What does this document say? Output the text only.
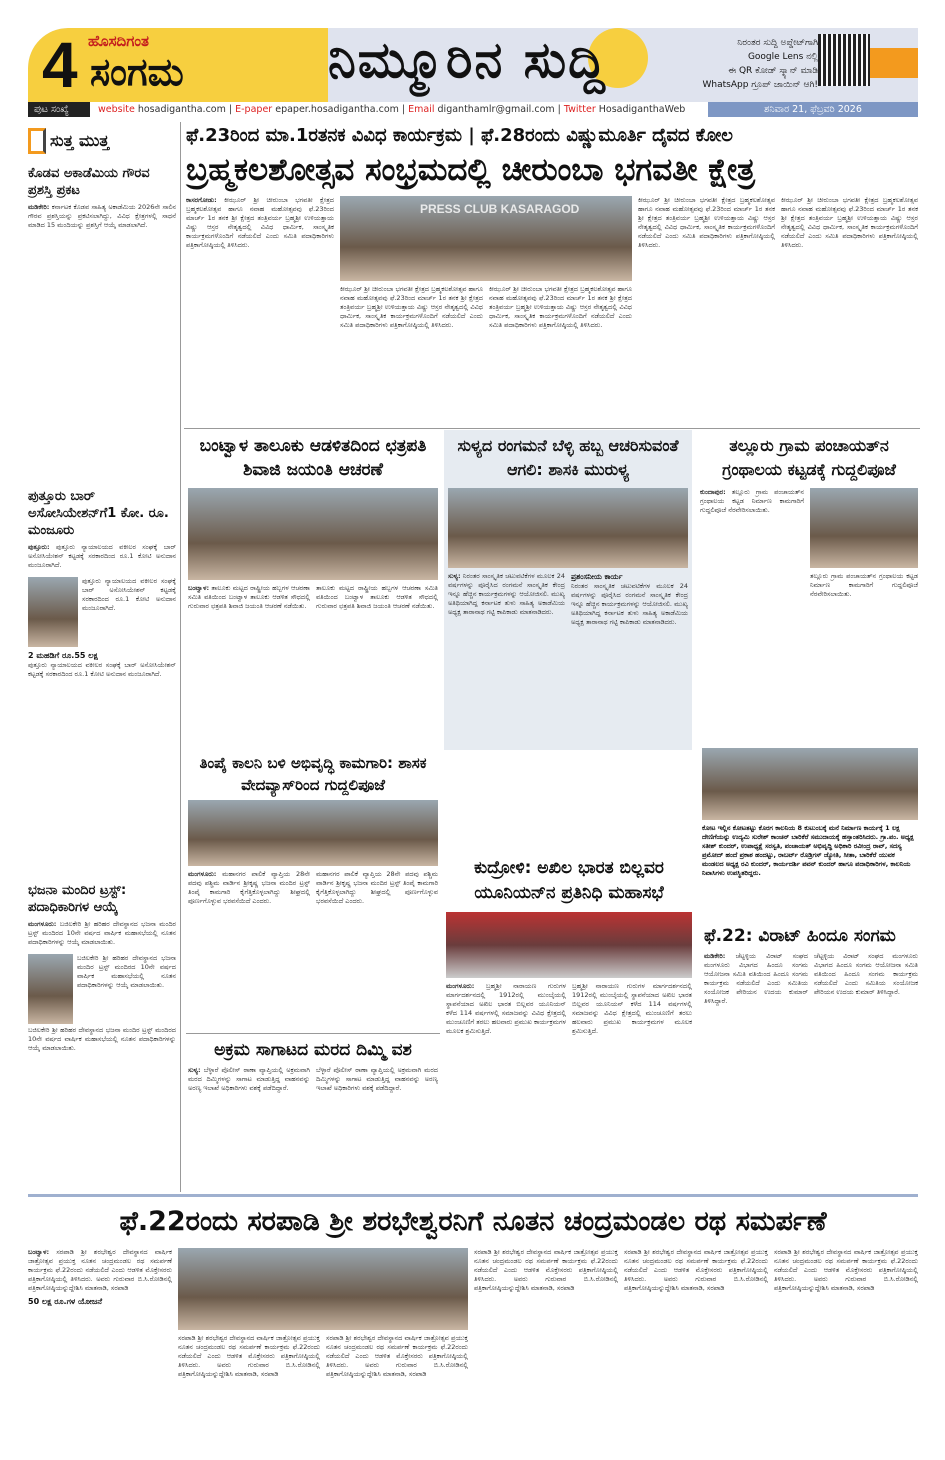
4 ಹೊಸದಿಗಂತ
ಸಂಗಮ	ನಿಮ್ಮೂರಿನ ಸುದ್ದಿ	ನಿರಂತರ ಸುದ್ದಿ ಅಪ್ಡೇಟ್‌ಗಾಗಿ
Google Lens ನಲ್ಲಿ
ಈ QR ಕೋಡ್ ಸ್ಕ್ಯಾನ್ ಮಾಡಿ
WhatsApp ಗ್ರೂಪ್ ಜಾಯಿನ್ ಆಗಿ!
ಪುಟ ಸಂಖ್ಯೆ	website hosadigantha.com | E-paper epaper.hosadigantha.com | Email diganthamlr@gmail.com | Twitter HosadiganthaWeb	ಶನಿವಾರ 21, ಫೆಬ್ರವರಿ 2026
ಸುತ್ತ ಮುತ್ತ
ಕೊಡವ ಅಕಾಡೆಮಿಯ ಗೌರವ ಪ್ರಶಸ್ತಿ ಪ್ರಕಟ
ಮಡಿಕೇರಿ: ಕರ್ನಾಟಕ ಕೊಡವ ಸಾಹಿತ್ಯ ಅಕಾಡೆಮಿಯ 2026ನೇ ಸಾಲಿನ ಗೌರವ ಪ್ರಶಸ್ತಿಯನ್ನು ಪ್ರಕಟಿಸಲಾಗಿದ್ದು, ವಿವಿಧ ಕ್ಷೇತ್ರಗಳಲ್ಲಿ ಸಾಧನೆ ಮಾಡಿದ 15 ಮಂದಿಯನ್ನು ಪ್ರಶಸ್ತಿಗೆ ಆಯ್ಕೆ ಮಾಡಲಾಗಿದೆ.
ಪುತ್ತೂರು ಬಾರ್ ಅಸೋಸಿಯೇಶನ್‌ಗೆ1 ಕೋ. ರೂ. ಮಂಜೂರು
ಪುತ್ತೂರು: ಪುತ್ತೂರು ನ್ಯಾಯಾಲಯದ ವಕೀಲರ ಸಂಘಕ್ಕೆ ಬಾರ್ ಅಸೋಸಿಯೇಶನ್ ಕಟ್ಟಡಕ್ಕೆ ಸರಕಾರದಿಂದ ರೂ.1 ಕೋಟಿ ಅನುದಾನ ಮಂಜೂರಾಗಿದೆ.
ಪುತ್ತೂರು ನ್ಯಾಯಾಲಯದ ವಕೀಲರ ಸಂಘಕ್ಕೆ ಬಾರ್ ಅಸೋಸಿಯೇಶನ್ ಕಟ್ಟಡಕ್ಕೆ ಸರಕಾರದಿಂದ ರೂ.1 ಕೋಟಿ ಅನುದಾನ ಮಂಜೂರಾಗಿದೆ.
2 ಮಹಡಿಗೆ ರೂ.55 ಲಕ್ಷ
ಪುತ್ತೂರು ನ್ಯಾಯಾಲಯದ ವಕೀಲರ ಸಂಘಕ್ಕೆ ಬಾರ್ ಅಸೋಸಿಯೇಶನ್ ಕಟ್ಟಡಕ್ಕೆ ಸರಕಾರದಿಂದ ರೂ.1 ಕೋಟಿ ಅನುದಾನ ಮಂಜೂರಾಗಿದೆ.
ಭಜನಾ ಮಂದಿರ ಟ್ರಸ್ಟ್: ಪದಾಧಿಕಾರಿಗಳ ಆಯ್ಕೆ
ಮಂಗಳೂರು: ಬಜಿಲಕೇರಿ ಶ್ರೀ ಹರಿಹರ ದೇವಸ್ಥಾನದ ಭಜನಾ ಮಂದಿರ ಟ್ರಸ್ಟ್ ಮಂದಿರದ 10ನೇ ವರ್ಷದ ವಾರ್ಷಿಕ ಮಹಾಸಭೆಯಲ್ಲಿ ನೂತನ ಪದಾಧಿಕಾರಿಗಳನ್ನು ಆಯ್ಕೆ ಮಾಡಲಾಯಿತು.
ಬಜಿಲಕೇರಿ ಶ್ರೀ ಹರಿಹರ ದೇವಸ್ಥಾನದ ಭಜನಾ ಮಂದಿರ ಟ್ರಸ್ಟ್ ಮಂದಿರದ 10ನೇ ವರ್ಷದ ವಾರ್ಷಿಕ ಮಹಾಸಭೆಯಲ್ಲಿ ನೂತನ ಪದಾಧಿಕಾರಿಗಳನ್ನು ಆಯ್ಕೆ ಮಾಡಲಾಯಿತು.
ಬಜಿಲಕೇರಿ ಶ್ರೀ ಹರಿಹರ ದೇವಸ್ಥಾನದ ಭಜನಾ ಮಂದಿರ ಟ್ರಸ್ಟ್ ಮಂದಿರದ 10ನೇ ವರ್ಷದ ವಾರ್ಷಿಕ ಮಹಾಸಭೆಯಲ್ಲಿ ನೂತನ ಪದಾಧಿಕಾರಿಗಳನ್ನು ಆಯ್ಕೆ ಮಾಡಲಾಯಿತು.
ಫೆ.23ರಿಂದ ಮಾ.1ರತನಕ ವಿವಿಧ ಕಾರ್ಯಕ್ರಮ | ಫೆ.28ರಂದು ವಿಷ್ಣುಮೂರ್ತಿ ದೈವದ ಕೋಲ
ಬ್ರಹ್ಮಕಲಶೋತ್ಸವ ಸಂಭ್ರಮದಲ್ಲಿ ಚೀರುಂಬಾ ಭಗವತೀ ಕ್ಷೇತ್ರ
ಕಾಸರಗೋಡು: ಕೀಝೂರ್ ಶ್ರೀ ಚೀರುಂಬಾ ಭಗವತೀ ಕ್ಷೇತ್ರದ ಬ್ರಹ್ಮಕಲಶೋತ್ಸವ ಹಾಗೂ ನವಾಹ ಮಹೋತ್ಸವವು ಫೆ.23ರಿಂದ ಮಾರ್ಚ್ 1ರ ತನಕ ಶ್ರೀ ಕ್ಷೇತ್ರದ ತಂತ್ರಿವರ್ಯ ಬ್ರಹ್ಮಶ್ರೀ ಉಳಿಯತ್ತಾಯ ವಿಷ್ಣು ಆಸ್ರರ ನೇತೃತ್ವದಲ್ಲಿ ವಿವಿಧ ಧಾರ್ಮಿಕ, ಸಾಂಸ್ಕೃತಿಕ ಕಾರ್ಯಕ್ರಮಗಳೊಂದಿಗೆ ನಡೆಯಲಿದೆ ಎಂದು ಸಮಿತಿ ಪದಾಧಿಕಾರಿಗಳು ಪತ್ರಿಕಾಗೋಷ್ಠಿಯಲ್ಲಿ ತಿಳಿಸಿದರು.
PRESS CLUB KASARAGOD
ಕೀಝೂರ್ ಶ್ರೀ ಚೀರುಂಬಾ ಭಗವತೀ ಕ್ಷೇತ್ರದ ಬ್ರಹ್ಮಕಲಶೋತ್ಸವ ಹಾಗೂ ನವಾಹ ಮಹೋತ್ಸವವು ಫೆ.23ರಿಂದ ಮಾರ್ಚ್ 1ರ ತನಕ ಶ್ರೀ ಕ್ಷೇತ್ರದ ತಂತ್ರಿವರ್ಯ ಬ್ರಹ್ಮಶ್ರೀ ಉಳಿಯತ್ತಾಯ ವಿಷ್ಣು ಆಸ್ರರ ನೇತೃತ್ವದಲ್ಲಿ ವಿವಿಧ ಧಾರ್ಮಿಕ, ಸಾಂಸ್ಕೃತಿಕ ಕಾರ್ಯಕ್ರಮಗಳೊಂದಿಗೆ ನಡೆಯಲಿದೆ ಎಂದು ಸಮಿತಿ ಪದಾಧಿಕಾರಿಗಳು ಪತ್ರಿಕಾಗೋಷ್ಠಿಯಲ್ಲಿ ತಿಳಿಸಿದರು.
ಕೀಝೂರ್ ಶ್ರೀ ಚೀರುಂಬಾ ಭಗವತೀ ಕ್ಷೇತ್ರದ ಬ್ರಹ್ಮಕಲಶೋತ್ಸವ ಹಾಗೂ ನವಾಹ ಮಹೋತ್ಸವವು ಫೆ.23ರಿಂದ ಮಾರ್ಚ್ 1ರ ತನಕ ಶ್ರೀ ಕ್ಷೇತ್ರದ ತಂತ್ರಿವರ್ಯ ಬ್ರಹ್ಮಶ್ರೀ ಉಳಿಯತ್ತಾಯ ವಿಷ್ಣು ಆಸ್ರರ ನೇತೃತ್ವದಲ್ಲಿ ವಿವಿಧ ಧಾರ್ಮಿಕ, ಸಾಂಸ್ಕೃತಿಕ ಕಾರ್ಯಕ್ರಮಗಳೊಂದಿಗೆ ನಡೆಯಲಿದೆ ಎಂದು ಸಮಿತಿ ಪದಾಧಿಕಾರಿಗಳು ಪತ್ರಿಕಾಗೋಷ್ಠಿಯಲ್ಲಿ ತಿಳಿಸಿದರು.
ಕೀಝೂರ್ ಶ್ರೀ ಚೀರುಂಬಾ ಭಗವತೀ ಕ್ಷೇತ್ರದ ಬ್ರಹ್ಮಕಲಶೋತ್ಸವ ಹಾಗೂ ನವಾಹ ಮಹೋತ್ಸವವು ಫೆ.23ರಿಂದ ಮಾರ್ಚ್ 1ರ ತನಕ ಶ್ರೀ ಕ್ಷೇತ್ರದ ತಂತ್ರಿವರ್ಯ ಬ್ರಹ್ಮಶ್ರೀ ಉಳಿಯತ್ತಾಯ ವಿಷ್ಣು ಆಸ್ರರ ನೇತೃತ್ವದಲ್ಲಿ ವಿವಿಧ ಧಾರ್ಮಿಕ, ಸಾಂಸ್ಕೃತಿಕ ಕಾರ್ಯಕ್ರಮಗಳೊಂದಿಗೆ ನಡೆಯಲಿದೆ ಎಂದು ಸಮಿತಿ ಪದಾಧಿಕಾರಿಗಳು ಪತ್ರಿಕಾಗೋಷ್ಠಿಯಲ್ಲಿ ತಿಳಿಸಿದರು.
ಕೀಝೂರ್ ಶ್ರೀ ಚೀರುಂಬಾ ಭಗವತೀ ಕ್ಷೇತ್ರದ ಬ್ರಹ್ಮಕಲಶೋತ್ಸವ ಹಾಗೂ ನವಾಹ ಮಹೋತ್ಸವವು ಫೆ.23ರಿಂದ ಮಾರ್ಚ್ 1ರ ತನಕ ಶ್ರೀ ಕ್ಷೇತ್ರದ ತಂತ್ರಿವರ್ಯ ಬ್ರಹ್ಮಶ್ರೀ ಉಳಿಯತ್ತಾಯ ವಿಷ್ಣು ಆಸ್ರರ ನೇತೃತ್ವದಲ್ಲಿ ವಿವಿಧ ಧಾರ್ಮಿಕ, ಸಾಂಸ್ಕೃತಿಕ ಕಾರ್ಯಕ್ರಮಗಳೊಂದಿಗೆ ನಡೆಯಲಿದೆ ಎಂದು ಸಮಿತಿ ಪದಾಧಿಕಾರಿಗಳು ಪತ್ರಿಕಾಗೋಷ್ಠಿಯಲ್ಲಿ ತಿಳಿಸಿದರು.
ಬಂಟ್ವಾಳ ತಾಲೂಕು ಆಡಳಿತದಿಂದ ಛತ್ರಪತಿ ಶಿವಾಜಿ ಜಯಂತಿ ಆಚರಣೆ
ಬಂಟ್ವಾಳ: ತಾಲೂಕು ಮಟ್ಟದ ರಾಷ್ಟ್ರೀಯ ಹಬ್ಬಗಳ ಆಚರಣಾ ಸಮಿತಿ ವತಿಯಿಂದ ಬಂಟ್ವಾಳ ತಾಲೂಕು ಆಡಳಿತ ಸೌಧದಲ್ಲಿ ಗುರುವಾರ ಛತ್ರಪತಿ ಶಿವಾಜಿ ಜಯಂತಿ ಆಚರಣೆ ನಡೆಯಿತು.
ತಾಲೂಕು ಮಟ್ಟದ ರಾಷ್ಟ್ರೀಯ ಹಬ್ಬಗಳ ಆಚರಣಾ ಸಮಿತಿ ವತಿಯಿಂದ ಬಂಟ್ವಾಳ ತಾಲೂಕು ಆಡಳಿತ ಸೌಧದಲ್ಲಿ ಗುರುವಾರ ಛತ್ರಪತಿ ಶಿವಾಜಿ ಜಯಂತಿ ಆಚರಣೆ ನಡೆಯಿತು.
ಸುಳ್ಯದ ರಂಗಮನೆ ಬೆಳ್ಳಿ ಹಬ್ಬ ಆಚರಿಸುವಂತೆ ಆಗಲಿ: ಶಾಸಕಿ ಮುರುಳ್ಯ
ಸುಳ್ಯ: ನಿರಂತರ ಸಾಂಸ್ಕೃತಿಕ ಚಟುವಟಿಕೆಗಳ ಮೂಲಕ 24 ವರ್ಷಗಳನ್ನು ಪೂರೈಸಿದ ರಂಗಮನೆ ಸಾಂಸ್ಕೃತಿಕ ಕೇಂದ್ರ ಇನ್ನೂ ಹೆಚ್ಚಿನ ಕಾರ್ಯಕ್ರಮಗಳನ್ನು ಆಯೋಜಿಸಲಿ. ಮುಖ್ಯ ಅತಿಥಿಯಾಗಿದ್ದ ಕರ್ನಾಟಕ ತುಳು ಸಾಹಿತ್ಯ ಅಕಾಡೆಮಿಯ ಅಧ್ಯಕ್ಷ ತಾರಾನಾಥ ಗಟ್ಟಿ ಕಾಪಿಕಾಡು ಮಾತನಾಡಿದರು.
ಪ್ರಶಂಸನೀಯ ಕಾರ್ಯ
ನಿರಂತರ ಸಾಂಸ್ಕೃತಿಕ ಚಟುವಟಿಕೆಗಳ ಮೂಲಕ 24 ವರ್ಷಗಳನ್ನು ಪೂರೈಸಿದ ರಂಗಮನೆ ಸಾಂಸ್ಕೃತಿಕ ಕೇಂದ್ರ ಇನ್ನೂ ಹೆಚ್ಚಿನ ಕಾರ್ಯಕ್ರಮಗಳನ್ನು ಆಯೋಜಿಸಲಿ. ಮುಖ್ಯ ಅತಿಥಿಯಾಗಿದ್ದ ಕರ್ನಾಟಕ ತುಳು ಸಾಹಿತ್ಯ ಅಕಾಡೆಮಿಯ ಅಧ್ಯಕ್ಷ ತಾರಾನಾಥ ಗಟ್ಟಿ ಕಾಪಿಕಾಡು ಮಾತನಾಡಿದರು.
ತಲ್ಲೂರು ಗ್ರಾಮ ಪಂಚಾಯತ್‌ನ ಗ್ರಂಥಾಲಯ ಕಟ್ಟಡಕ್ಕೆ ಗುದ್ದಲಿಪೂಜೆ
ಕುಂದಾಪುರ: ತಲ್ಲೂರು ಗ್ರಾಮ ಪಂಚಾಯತ್‌ನ ಗ್ರಂಥಾಲಯ ಕಟ್ಟಡ ನಿರ್ಮಾಣ ಕಾಮಗಾರಿಗೆ ಗುದ್ದಲಿಪೂಜೆ ನೆರವೇರಿಸಲಾಯಿತು.
ತಲ್ಲೂರು ಗ್ರಾಮ ಪಂಚಾಯತ್‌ನ ಗ್ರಂಥಾಲಯ ಕಟ್ಟಡ ನಿರ್ಮಾಣ ಕಾಮಗಾರಿಗೆ ಗುದ್ದಲಿಪೂಜೆ ನೆರವೇರಿಸಲಾಯಿತು.
ಕೋಟ ಇಲ್ಲಿನ ಕೋಟತಟ್ಟು ಕೊರಗ ಕಾಲನಿಯ 8 ಕುಟುಂಬಕ್ಕೆ ಮನೆ ನಿರ್ಮಾಣ ಕಾರ್ಯಕ್ಕೆ 1 ಲಕ್ಷ ದೇಣಿಗೆಯನ್ನು ಉದ್ಯಮಿ ಸುರೇಶ್ ಕಾಂಚನ್ ಬಾರಿಕೆರೆ ಸಮುದಾಯಕ್ಕೆ ಹಸ್ತಾಂತರಿಸಿದರು. ಗ್ರಾ.ಪಂ. ಅಧ್ಯಕ್ಷ ಸತೀಶ್ ಕುಂದರ್, ಉಪಾಧ್ಯಕ್ಷೆ ಸರಸ್ವತಿ, ಪಂಚಾಯತ್ ಅಭಿವೃದ್ಧಿ ಅಧಿಕಾರಿ ರವೀಂದ್ರ ರಾವ್, ಸದಸ್ಯ ಪ್ರಮೋದ್ ಹಂದೆ ಪ್ರಕಾಶ ಹಂದಟ್ಟು, ರಾಬರ್ಟ್ ರೊಡ್ರಿಗಸ್ ಜ್ಯೋತಿ, ಸೀತಾ, ಬಾರಿಕೆರೆ ಯುವಕ ಮಂಡಲದ ಅಧ್ಯಕ್ಷ ರವಿ ಕುಂದರ್, ಕಾರ್ಯದರ್ಶಿ ಪವನ್ ಕುಂದರ್ ಹಾಗೂ ಪದಾಧಿಕಾರಿಗಳ, ಕಾಲನಿಯ ನಿವಾಸಿಗಳು ಉಪಸ್ಥಿತರಿದ್ದರು.
ತಿಂಪೈ ಕಾಲನಿ ಬಳಿ ಅಭಿವೃದ್ಧಿ ಕಾಮಗಾರಿ: ಶಾಸಕ ವೇದವ್ಯಾಸ್‌ರಿಂದ ಗುದ್ದಲಿಪೂಜೆ
ಮಂಗಳೂರು: ಮಹಾನಗರ ಪಾಲಿಕೆ ವ್ಯಾಪ್ತಿಯ 28ನೇ ಪದವು ಪಶ್ಚಿಮ ವಾರ್ಡಿನ ಶ್ರೀಕೃಷ್ಣ ಭಜನಾ ಮಂದಿರ ಟ್ರಸ್ಟ್ ತಿಂಪೈ ಕಾಮಗಾರಿ ಕೈಗೆತ್ತಿಕೊಳ್ಳಲಾಗಿದ್ದು ಶೀಘ್ರದಲ್ಲಿ ಪೂರ್ಣಗೊಳ್ಳುವ ಭರವಸೆಯಿದೆ ಎಂದರು.
ಮಹಾನಗರ ಪಾಲಿಕೆ ವ್ಯಾಪ್ತಿಯ 28ನೇ ಪದವು ಪಶ್ಚಿಮ ವಾರ್ಡಿನ ಶ್ರೀಕೃಷ್ಣ ಭಜನಾ ಮಂದಿರ ಟ್ರಸ್ಟ್ ತಿಂಪೈ ಕಾಮಗಾರಿ ಕೈಗೆತ್ತಿಕೊಳ್ಳಲಾಗಿದ್ದು ಶೀಘ್ರದಲ್ಲಿ ಪೂರ್ಣಗೊಳ್ಳುವ ಭರವಸೆಯಿದೆ ಎಂದರು.
ಅಕ್ರಮ ಸಾಗಾಟದ ಮರದ ದಿಮ್ಮಿ ವಶ
ಸುಳ್ಯ: ಬೆಳ್ಳಾರೆ ಪೊಲೀಸ್ ಠಾಣಾ ವ್ಯಾಪ್ತಿಯಲ್ಲಿ ಅಕ್ರಮವಾಗಿ ಮರದ ದಿಮ್ಮಿಗಳನ್ನು ಸಾಗಾಟ ಮಾಡುತ್ತಿದ್ದ ವಾಹನವನ್ನು ಅರಣ್ಯ ಇಲಾಖೆ ಅಧಿಕಾರಿಗಳು ವಶಕ್ಕೆ ಪಡೆದಿದ್ದಾರೆ.
ಬೆಳ್ಳಾರೆ ಪೊಲೀಸ್ ಠಾಣಾ ವ್ಯಾಪ್ತಿಯಲ್ಲಿ ಅಕ್ರಮವಾಗಿ ಮರದ ದಿಮ್ಮಿಗಳನ್ನು ಸಾಗಾಟ ಮಾಡುತ್ತಿದ್ದ ವಾಹನವನ್ನು ಅರಣ್ಯ ಇಲಾಖೆ ಅಧಿಕಾರಿಗಳು ವಶಕ್ಕೆ ಪಡೆದಿದ್ದಾರೆ.
ಕುದ್ರೋಳಿ: ಅಖಿಲ ಭಾರತ ಬಿಲ್ಲವರ ಯೂನಿಯನ್‌ನ ಪ್ರತಿನಿಧಿ ಮಹಾಸಭೆ
ಮಂಗಳೂರು: ಬ್ರಹ್ಮಶ್ರೀ ನಾರಾಯಣ ಗುರುಗಳ ಮಾರ್ಗದರ್ಶನದಲ್ಲಿ 1912ರಲ್ಲಿ ಮುಂಬೈಯಲ್ಲಿ ಸ್ಥಾಪನೆಯಾದ ಅಖಿಲ ಭಾರತ ಬಿಲ್ಲವರ ಯೂನಿಯನ್ ಕಳೆದ 114 ವರ್ಷಗಳಲ್ಲಿ ಸಮಾಜವನ್ನು ವಿವಿಧ ಕ್ಷೇತ್ರದಲ್ಲಿ ಮುಂಚೂಣಿಗೆ ತರಲು ಹಲವಾರು ಪ್ರಮುಖ ಕಾರ್ಯಕ್ರಮಗಳ ಮೂಲಕ ಶ್ರಮಿಸುತ್ತಿದೆ.
ಬ್ರಹ್ಮಶ್ರೀ ನಾರಾಯಣ ಗುರುಗಳ ಮಾರ್ಗದರ್ಶನದಲ್ಲಿ 1912ರಲ್ಲಿ ಮುಂಬೈಯಲ್ಲಿ ಸ್ಥಾಪನೆಯಾದ ಅಖಿಲ ಭಾರತ ಬಿಲ್ಲವರ ಯೂನಿಯನ್ ಕಳೆದ 114 ವರ್ಷಗಳಲ್ಲಿ ಸಮಾಜವನ್ನು ವಿವಿಧ ಕ್ಷೇತ್ರದಲ್ಲಿ ಮುಂಚೂಣಿಗೆ ತರಲು ಹಲವಾರು ಪ್ರಮುಖ ಕಾರ್ಯಕ್ರಮಗಳ ಮೂಲಕ ಶ್ರಮಿಸುತ್ತಿದೆ.
ಫೆ.22: ವಿರಾಟ್ ಹಿಂದೂ ಸಂಗಮ
ಮಡಿಕೇರಿ: ಚೆಟ್ಟಳ್ಳಿಯ ವಿರಾಟ್ ಸಂಘದ ಮಂಗಳೂರು ವಿಭಾಗದ ಹಿಂದೂ ಸಂಗಮ ಆಯೋಜನಾ ಸಮಿತಿ ವತಿಯಿಂದ ಹಿಂದೂ ಸಂಗಮ ಕಾರ್ಯಕ್ರಮ ನಡೆಯಲಿದೆ ಎಂದು ಸಮಿತಿಯ ಸಂಯೋಜಕ ಪೇರಿಯನ ಉದಯ ಕುಮಾರ್ ತಿಳಿಸಿದ್ದಾರೆ.
ಚೆಟ್ಟಳ್ಳಿಯ ವಿರಾಟ್ ಸಂಘದ ಮಂಗಳೂರು ವಿಭಾಗದ ಹಿಂದೂ ಸಂಗಮ ಆಯೋಜನಾ ಸಮಿತಿ ವತಿಯಿಂದ ಹಿಂದೂ ಸಂಗಮ ಕಾರ್ಯಕ್ರಮ ನಡೆಯಲಿದೆ ಎಂದು ಸಮಿತಿಯ ಸಂಯೋಜಕ ಪೇರಿಯನ ಉದಯ ಕುಮಾರ್ ತಿಳಿಸಿದ್ದಾರೆ.
ಫೆ.22ರಂದು ಸರಪಾಡಿ ಶ್ರೀ ಶರಭೇಶ್ವರನಿಗೆ ನೂತನ ಚಂದ್ರಮಂಡಲ ರಥ ಸಮರ್ಪಣೆ
ಬಂಟ್ವಾಳ: ಸರಪಾಡಿ ಶ್ರೀ ಶರಭೇಶ್ವರ ದೇವಸ್ಥಾನದ ವಾರ್ಷಿಕ ಜಾತ್ರೋತ್ಸವ ಪ್ರಯುಕ್ತ ನೂತನ ಚಂದ್ರಮಂಡಲ ರಥ ಸಮರ್ಪಣೆ ಕಾರ್ಯಕ್ರಮ ಫೆ.22ರಂದು ನಡೆಯಲಿದೆ ಎಂದು ಆಡಳಿತ ಮೊಕ್ತೇಸರರು ಪತ್ರಿಕಾಗೋಷ್ಠಿಯಲ್ಲಿ ತಿಳಿಸಿದರು. ಅವರು ಗುರುವಾರ ಬಿ.ಸಿ.ರೋಡಿನಲ್ಲಿ ಪತ್ರಿಕಾಗೋಷ್ಠಿಯನ್ನುದ್ದೇಶಿಸಿ ಮಾತನಾಡಿ, ಸರಪಾಡಿ
50 ಲಕ್ಷ ರೂ.ಗಳ ಯೋಜನೆ
ಸರಪಾಡಿ ಶ್ರೀ ಶರಭೇಶ್ವರ ದೇವಸ್ಥಾನದ ವಾರ್ಷಿಕ ಜಾತ್ರೋತ್ಸವ ಪ್ರಯುಕ್ತ ನೂತನ ಚಂದ್ರಮಂಡಲ ರಥ ಸಮರ್ಪಣೆ ಕಾರ್ಯಕ್ರಮ ಫೆ.22ರಂದು ನಡೆಯಲಿದೆ ಎಂದು ಆಡಳಿತ ಮೊಕ್ತೇಸರರು ಪತ್ರಿಕಾಗೋಷ್ಠಿಯಲ್ಲಿ ತಿಳಿಸಿದರು. ಅವರು ಗುರುವಾರ ಬಿ.ಸಿ.ರೋಡಿನಲ್ಲಿ ಪತ್ರಿಕಾಗೋಷ್ಠಿಯನ್ನುದ್ದೇಶಿಸಿ ಮಾತನಾಡಿ, ಸರಪಾಡಿ
ಸರಪಾಡಿ ಶ್ರೀ ಶರಭೇಶ್ವರ ದೇವಸ್ಥಾನದ ವಾರ್ಷಿಕ ಜಾತ್ರೋತ್ಸವ ಪ್ರಯುಕ್ತ ನೂತನ ಚಂದ್ರಮಂಡಲ ರಥ ಸಮರ್ಪಣೆ ಕಾರ್ಯಕ್ರಮ ಫೆ.22ರಂದು ನಡೆಯಲಿದೆ ಎಂದು ಆಡಳಿತ ಮೊಕ್ತೇಸರರು ಪತ್ರಿಕಾಗೋಷ್ಠಿಯಲ್ಲಿ ತಿಳಿಸಿದರು. ಅವರು ಗುರುವಾರ ಬಿ.ಸಿ.ರೋಡಿನಲ್ಲಿ ಪತ್ರಿಕಾಗೋಷ್ಠಿಯನ್ನುದ್ದೇಶಿಸಿ ಮಾತನಾಡಿ, ಸರಪಾಡಿ
ಸರಪಾಡಿ ಶ್ರೀ ಶರಭೇಶ್ವರ ದೇವಸ್ಥಾನದ ವಾರ್ಷಿಕ ಜಾತ್ರೋತ್ಸವ ಪ್ರಯುಕ್ತ ನೂತನ ಚಂದ್ರಮಂಡಲ ರಥ ಸಮರ್ಪಣೆ ಕಾರ್ಯಕ್ರಮ ಫೆ.22ರಂದು ನಡೆಯಲಿದೆ ಎಂದು ಆಡಳಿತ ಮೊಕ್ತೇಸರರು ಪತ್ರಿಕಾಗೋಷ್ಠಿಯಲ್ಲಿ ತಿಳಿಸಿದರು. ಅವರು ಗುರುವಾರ ಬಿ.ಸಿ.ರೋಡಿನಲ್ಲಿ ಪತ್ರಿಕಾಗೋಷ್ಠಿಯನ್ನುದ್ದೇಶಿಸಿ ಮಾತನಾಡಿ, ಸರಪಾಡಿ
ಸರಪಾಡಿ ಶ್ರೀ ಶರಭೇಶ್ವರ ದೇವಸ್ಥಾನದ ವಾರ್ಷಿಕ ಜಾತ್ರೋತ್ಸವ ಪ್ರಯುಕ್ತ ನೂತನ ಚಂದ್ರಮಂಡಲ ರಥ ಸಮರ್ಪಣೆ ಕಾರ್ಯಕ್ರಮ ಫೆ.22ರಂದು ನಡೆಯಲಿದೆ ಎಂದು ಆಡಳಿತ ಮೊಕ್ತೇಸರರು ಪತ್ರಿಕಾಗೋಷ್ಠಿಯಲ್ಲಿ ತಿಳಿಸಿದರು. ಅವರು ಗುರುವಾರ ಬಿ.ಸಿ.ರೋಡಿನಲ್ಲಿ ಪತ್ರಿಕಾಗೋಷ್ಠಿಯನ್ನುದ್ದೇಶಿಸಿ ಮಾತನಾಡಿ, ಸರಪಾಡಿ
ಸರಪಾಡಿ ಶ್ರೀ ಶರಭೇಶ್ವರ ದೇವಸ್ಥಾನದ ವಾರ್ಷಿಕ ಜಾತ್ರೋತ್ಸವ ಪ್ರಯುಕ್ತ ನೂತನ ಚಂದ್ರಮಂಡಲ ರಥ ಸಮರ್ಪಣೆ ಕಾರ್ಯಕ್ರಮ ಫೆ.22ರಂದು ನಡೆಯಲಿದೆ ಎಂದು ಆಡಳಿತ ಮೊಕ್ತೇಸರರು ಪತ್ರಿಕಾಗೋಷ್ಠಿಯಲ್ಲಿ ತಿಳಿಸಿದರು. ಅವರು ಗುರುವಾರ ಬಿ.ಸಿ.ರೋಡಿನಲ್ಲಿ ಪತ್ರಿಕಾಗೋಷ್ಠಿಯನ್ನುದ್ದೇಶಿಸಿ ಮಾತನಾಡಿ, ಸರಪಾಡಿ
